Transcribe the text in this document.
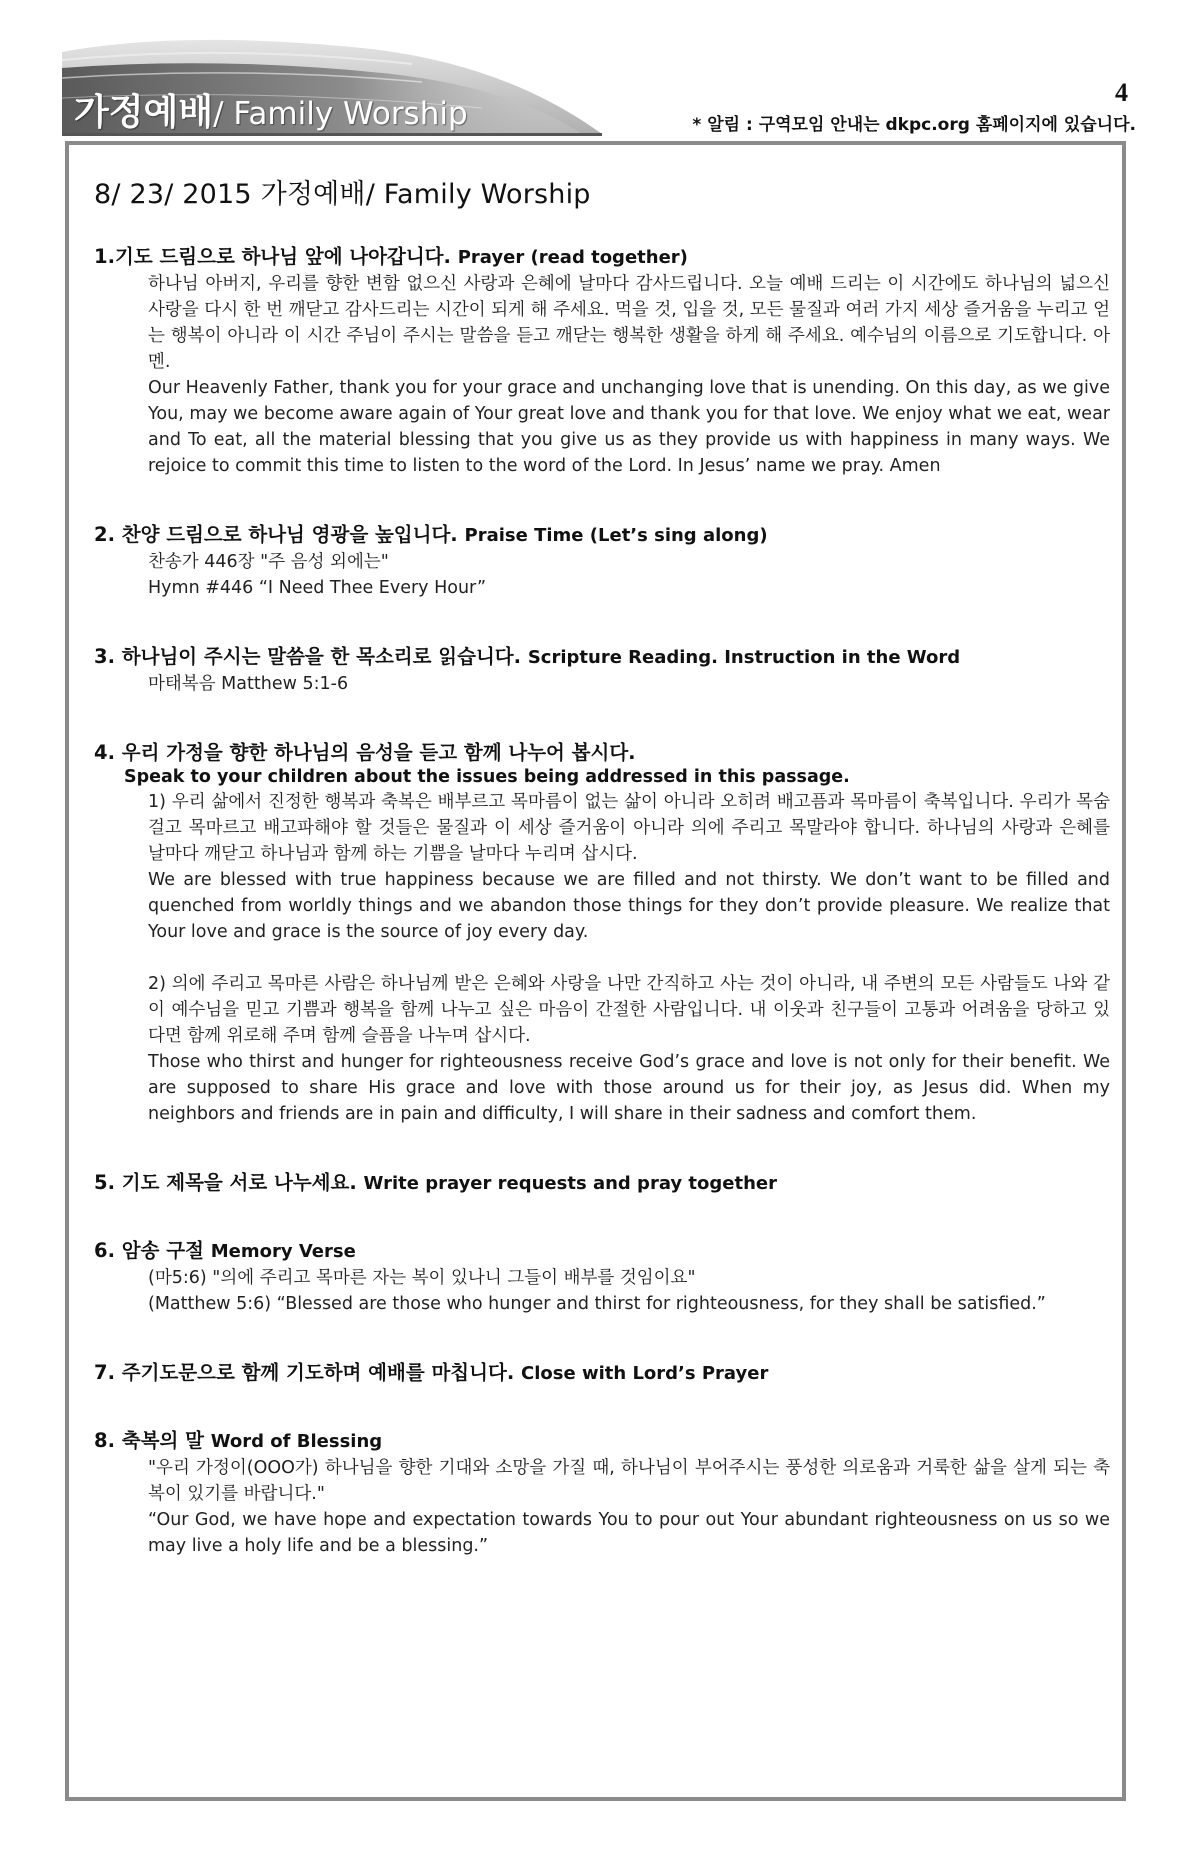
가정예배/ Family Worship
4
* 알림 : 구역모임 안내는 dkpc.org 홈페이지에 있습니다.
8/ 23/ 2015 가정예배/ Family Worship
1.기도 드림으로 하나님 앞에 나아갑니다. Prayer (read together)

하나님 아버지, 우리를 향한 변함 없으신 사랑과 은혜에 날마다 감사드립니다. 오늘 예배 드리는 이 시간에도 하나님의 넓으신 사랑을 다시 한 번 깨닫고 감사드리는 시간이 되게 해 주세요. 먹을 것, 입을 것, 모든 물질과 여러 가지 세상 즐거움을 누리고 얻는 행복이 아니라 이 시간 주님이 주시는 말씀을 듣고 깨닫는 행복한 생활을 하게 해 주세요. 예수님의 이름으로 기도합니다. 아멘.

Our Heavenly Father, thank you for your grace and unchanging love that is unending. On this day, as we give You, may we become aware again of Your great love and thank you for that love. We enjoy what we eat, wear and To eat, all the material blessing that you give us as they provide us with happiness in many ways. We rejoice to commit this time to listen to the word of the Lord. In Jesus’ name we pray. Amen

2. 찬양 드림으로 하나님 영광을 높입니다. Praise Time (Let’s sing along)

찬송가 446장 "주 음성 외에는"

Hymn #446 “I Need Thee Every Hour”

3. 하나님이 주시는 말씀을 한 목소리로 읽습니다. Scripture Reading. Instruction in the Word

마태복음 Matthew 5:1-6

4. 우리 가정을 향한 하나님의 음성을 듣고 함께 나누어 봅시다.
Speak to your children about the issues being addressed in this passage.

1) 우리 삶에서 진정한 행복과 축복은 배부르고 목마름이 없는 삶이 아니라 오히려 배고픔과 목마름이 축복입니다. 우리가 목숨 걸고 목마르고 배고파해야 할 것들은 물질과 이 세상 즐거움이 아니라 의에 주리고 목말라야 합니다. 하나님의 사랑과 은혜를 날마다 깨닫고 하나님과 함께 하는 기쁨을 날마다 누리며 삽시다.

We are blessed with true happiness because we are filled and not thirsty. We don’t want to be filled and quenched from worldly things and we abandon those things for they don’t provide pleasure. We realize that Your love and grace is the source of joy every day.

2) 의에 주리고 목마른 사람은 하나님께 받은 은혜와 사랑을 나만 간직하고 사는 것이 아니라, 내 주변의 모든 사람들도 나와 같이 예수님을 믿고 기쁨과 행복을 함께 나누고 싶은 마음이 간절한 사람입니다. 내 이웃과 친구들이 고통과 어려움을 당하고 있다면 함께 위로해 주며 함께 슬픔을 나누며 삽시다.

Those who thirst and hunger for righteousness receive God’s grace and love is not only for their benefit. We are supposed to share His grace and love with those around us for their joy, as Jesus did. When my neighbors and friends are in pain and difficulty, I will share in their sadness and comfort them.

5. 기도 제목을 서로 나누세요. Write prayer requests and pray together
6. 암송 구절 Memory Verse

(마5:6) "의에 주리고 목마른 자는 복이 있나니 그들이 배부를 것임이요"

(Matthew 5:6) “Blessed are those who hunger and thirst for righteousness, for they shall be satisfied.”

7. 주기도문으로 함께 기도하며 예배를 마칩니다. Close with Lord’s Prayer
8. 축복의 말 Word of Blessing

"우리 가정이(OOO가) 하나님을 향한 기대와 소망을 가질 때, 하나님이 부어주시는 풍성한 의로움과 거룩한 삶을 살게 되는 축복이 있기를 바랍니다."

“Our God, we have hope and expectation towards You to pour out Your abundant righteousness on us so we may live a holy life and be a blessing.”
